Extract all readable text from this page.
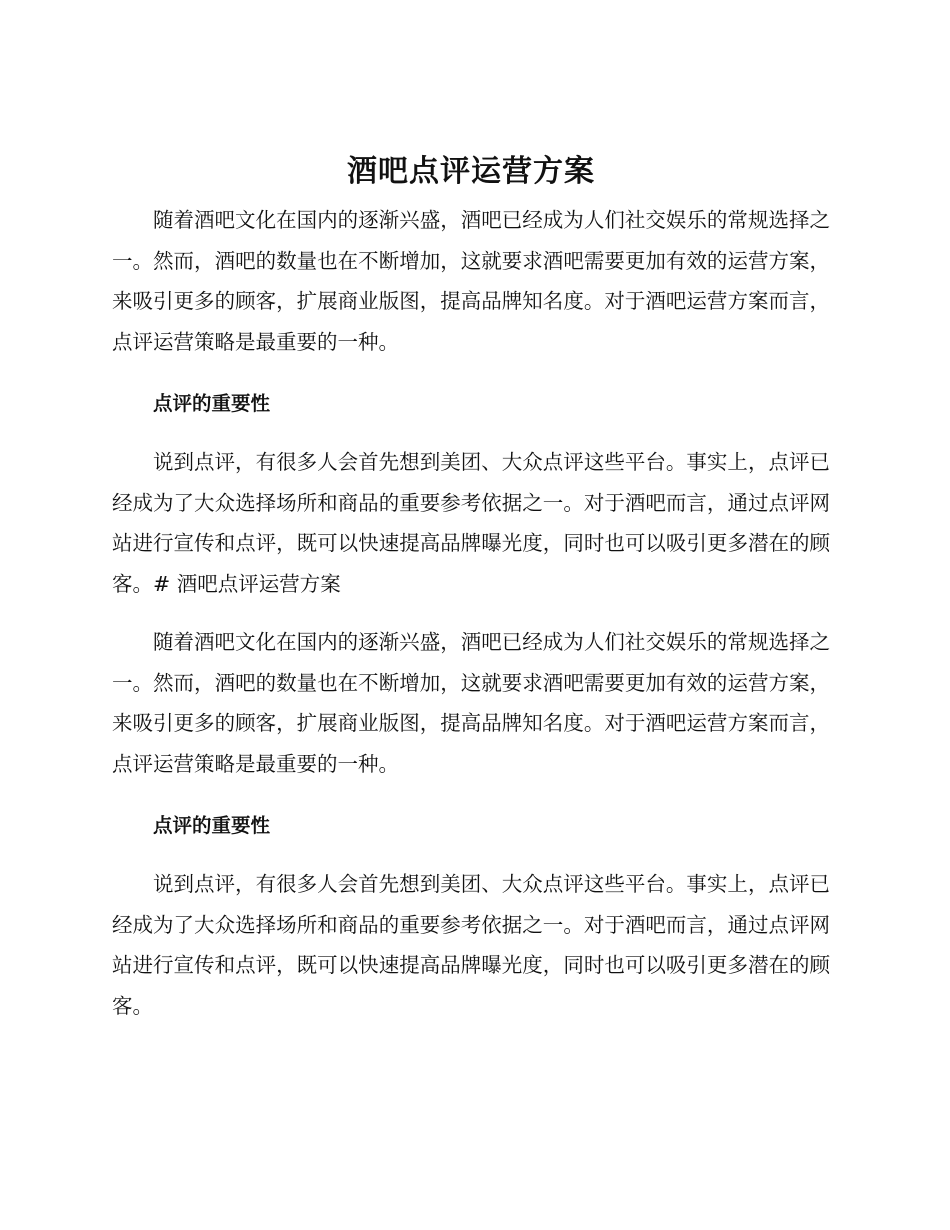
酒吧点评运营方案

随着酒吧文化在国内的逐渐兴盛，酒吧已经成为人们社交娱乐的常规选择之一。然而，酒吧的数量也在不断增加，这就要求酒吧需要更加有效的运营方案，来吸引更多的顾客，扩展商业版图，提高品牌知名度。对于酒吧运营方案而言，点评运营策略是最重要的一种。

点评的重要性

说到点评，有很多人会首先想到美团、大众点评这些平台。事实上，点评已经成为了大众选择场所和商品的重要参考依据之一。对于酒吧而言，通过点评网站进行宣传和点评，既可以快速提高品牌曝光度，同时也可以吸引更多潜在的顾客。# 酒吧点评运营方案

随着酒吧文化在国内的逐渐兴盛，酒吧已经成为人们社交娱乐的常规选择之一。然而，酒吧的数量也在不断增加，这就要求酒吧需要更加有效的运营方案，来吸引更多的顾客，扩展商业版图，提高品牌知名度。对于酒吧运营方案而言，点评运营策略是最重要的一种。

点评的重要性

说到点评，有很多人会首先想到美团、大众点评这些平台。事实上，点评已经成为了大众选择场所和商品的重要参考依据之一。对于酒吧而言，通过点评网站进行宣传和点评，既可以快速提高品牌曝光度，同时也可以吸引更多潜在的顾客。
